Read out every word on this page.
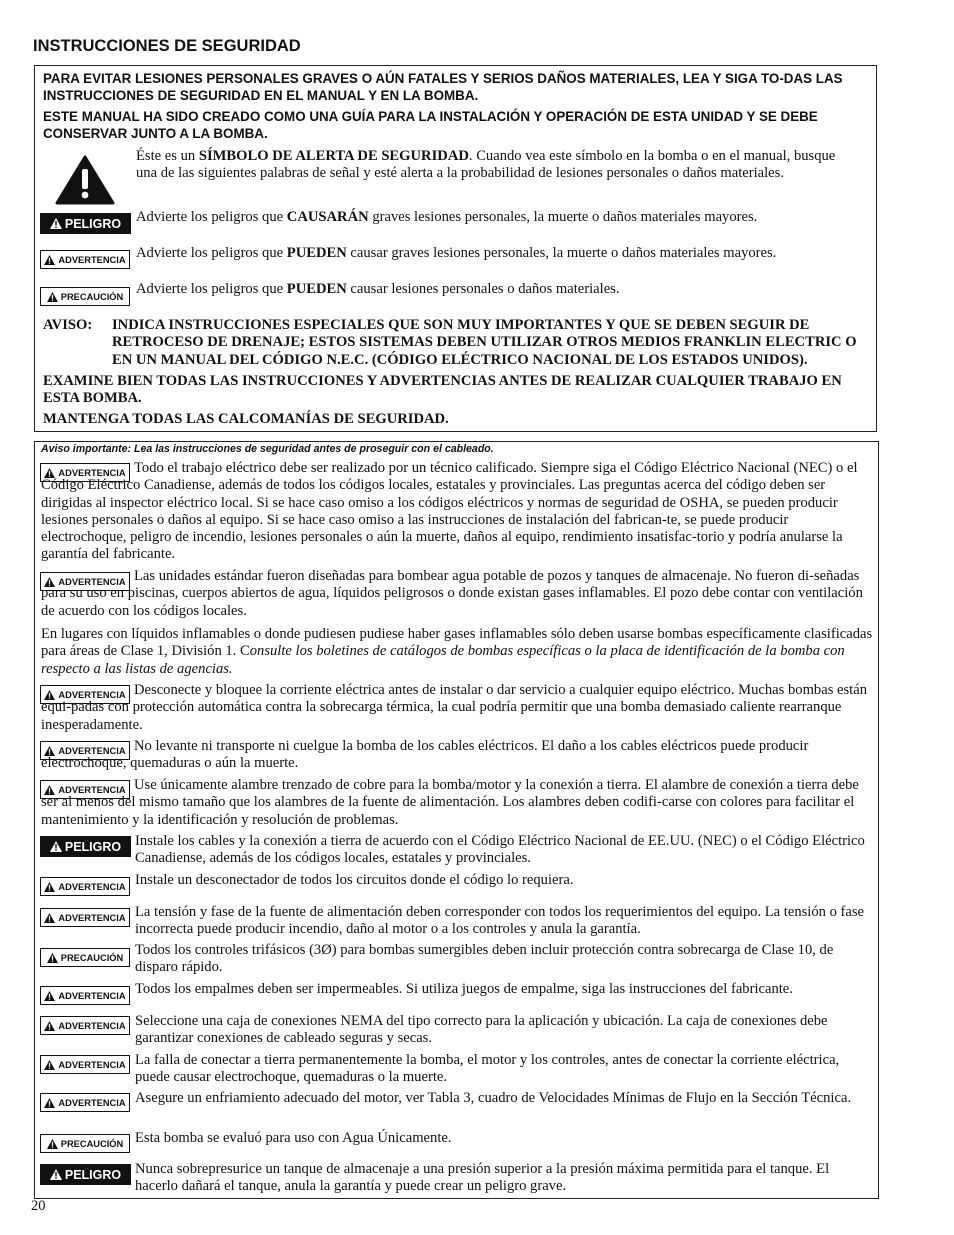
INSTRUCCIONES DE SEGURIDAD
PARA EVITAR LESIONES PERSONALES GRAVES O AÚN FATALES Y SERIOS DAÑOS MATERIALES, LEA Y SIGA TO-DAS LAS INSTRUCCIONES DE SEGURIDAD EN EL MANUAL Y EN LA BOMBA.
ESTE MANUAL HA SIDO CREADO COMO UNA GUÍA PARA LA INSTALACIÓN Y OPERACIÓN DE ESTA UNIDAD Y SE DEBE CONSERVAR JUNTO A LA BOMBA.
Éste es un SÍMBOLO DE ALERTA DE SEGURIDAD. Cuando vea este símbolo en la bomba o en el manual, busque una de las siguientes palabras de señal y esté alerta a la probabilidad de lesiones personales o daños materiales.
PELIGRO Advierte los peligros que CAUSARÁN graves lesiones personales, la muerte o daños materiales mayores.
ADVERTENCIA Advierte los peligros que PUEDEN causar graves lesiones personales, la muerte o daños materiales mayores.
PRECAUCIÓN Advierte los peligros que PUEDEN causar lesiones personales o daños materiales.
AVISO:	INDICA INSTRUCCIONES ESPECIALES QUE SON MUY IMPORTANTES Y QUE SE DEBEN SEGUIR DE RETROCESO DE DRENAJE; ESTOS SISTEMAS DEBEN UTILIZAR OTROS MEDIOS FRANKLIN ELECTRIC O EN UN MANUAL DEL CÓDIGO N.E.C. (CÓDIGO ELÉCTRICO NACIONAL DE LOS ESTADOS UNIDOS).
EXAMINE BIEN TODAS LAS INSTRUCCIONES Y ADVERTENCIAS ANTES DE REALIZAR CUALQUIER TRABAJO EN ESTA BOMBA.
MANTENGA TODAS LAS CALCOMANÍAS DE SEGURIDAD.
Aviso importante: Lea las instrucciones de seguridad antes de proseguir con el cableado.
ADVERTENCIA Todo el trabajo eléctrico debe ser realizado por un técnico calificado. Siempre siga el Código Eléctrico Nacional (NEC) o el Código Eléctrico Canadiense, además de todos los códigos locales, estatales y provinciales. Las preguntas acerca del código deben ser dirigidas al inspector eléctrico local. Si se hace caso omiso a los códigos eléctricos y normas de seguridad de OSHA, se pueden producir lesiones personales o daños al equipo. Si se hace caso omiso a las instrucciones de instalación del fabrican-te, se puede producir electrochoque, peligro de incendio, lesiones personales o aún la muerte, daños al equipo, rendimiento insatisfac-torio y podría anularse la garantía del fabricante.
ADVERTENCIA Las unidades estándar fueron diseñadas para bombear agua potable de pozos y tanques de almacenaje. No fueron di-señadas para su uso en piscinas, cuerpos abiertos de agua, líquidos peligrosos o donde existan gases inflamables. El pozo debe contar con ventilación de acuerdo con los códigos locales.
En lugares con líquidos inflamables o donde pudiesen pudiese haber gases inflamables sólo deben usarse bombas específicamente clasificadas para áreas de Clase 1, División 1. Consulte los boletines de catálogos de bombas específicas o la placa de identificación de la bomba con respecto a las listas de agencias.
ADVERTENCIA Desconecte y bloquee la corriente eléctrica antes de instalar o dar servicio a cualquier equipo eléctrico. Muchas bombas están equi-padas con protección automática contra la sobrecarga térmica, la cual podría permitir que una bomba demasiado caliente rearranque inesperadamente.
ADVERTENCIA No levante ni transporte ni cuelgue la bomba de los cables eléctricos. El daño a los cables eléctricos puede producir electrochoque, quemaduras o aún la muerte.
ADVERTENCIA Use únicamente alambre trenzado de cobre para la bomba/motor y la conexión a tierra. El alambre de conexión a tierra debe ser al menos del mismo tamaño que los alambres de la fuente de alimentación. Los alambres deben codifi-carse con colores para facilitar el mantenimiento y la identificación y resolución de problemas.
PELIGRO Instale los cables y la conexión a tierra de acuerdo con el Código Eléctrico Nacional de EE.UU. (NEC) o el Código Eléctrico Canadiense, además de los códigos locales, estatales y provinciales.
ADVERTENCIA Instale un desconectador de todos los circuitos donde el código lo requiera.
ADVERTENCIA La tensión y fase de la fuente de alimentación deben corresponder con todos los requerimientos del equipo. La tensión o fase incorrecta puede producir incendio, daño al motor o a los controles y anula la garantía.
PRECAUCIÓN Todos los controles trifásicos (3Ø) para bombas sumergibles deben incluir protección contra sobrecarga de Clase 10, de disparo rápido.
ADVERTENCIA Todos los empalmes deben ser impermeables. Si utiliza juegos de empalme, siga las instrucciones del fabricante.
ADVERTENCIA Seleccione una caja de conexiones NEMA del tipo correcto para la aplicación y ubicación. La caja de conexiones debe garantizar conexiones de cableado seguras y secas.
ADVERTENCIA La falla de conectar a tierra permanentemente la bomba, el motor y los controles, antes de conectar la corriente eléctrica, puede causar electrochoque, quemaduras o la muerte.
ADVERTENCIA Asegure un enfriamiento adecuado del motor, ver Tabla 3, cuadro de Velocidades Mínimas de Flujo en la Sección Técnica.
PRECAUCIÓN Esta bomba se evaluó para uso con Agua Únicamente.
PELIGRO Nunca sobrepresurice un tanque de almacenaje a una presión superior a la presión máxima permitida para el tanque. El hacerlo dañará el tanque, anula la garantía y puede crear un peligro grave.
20
